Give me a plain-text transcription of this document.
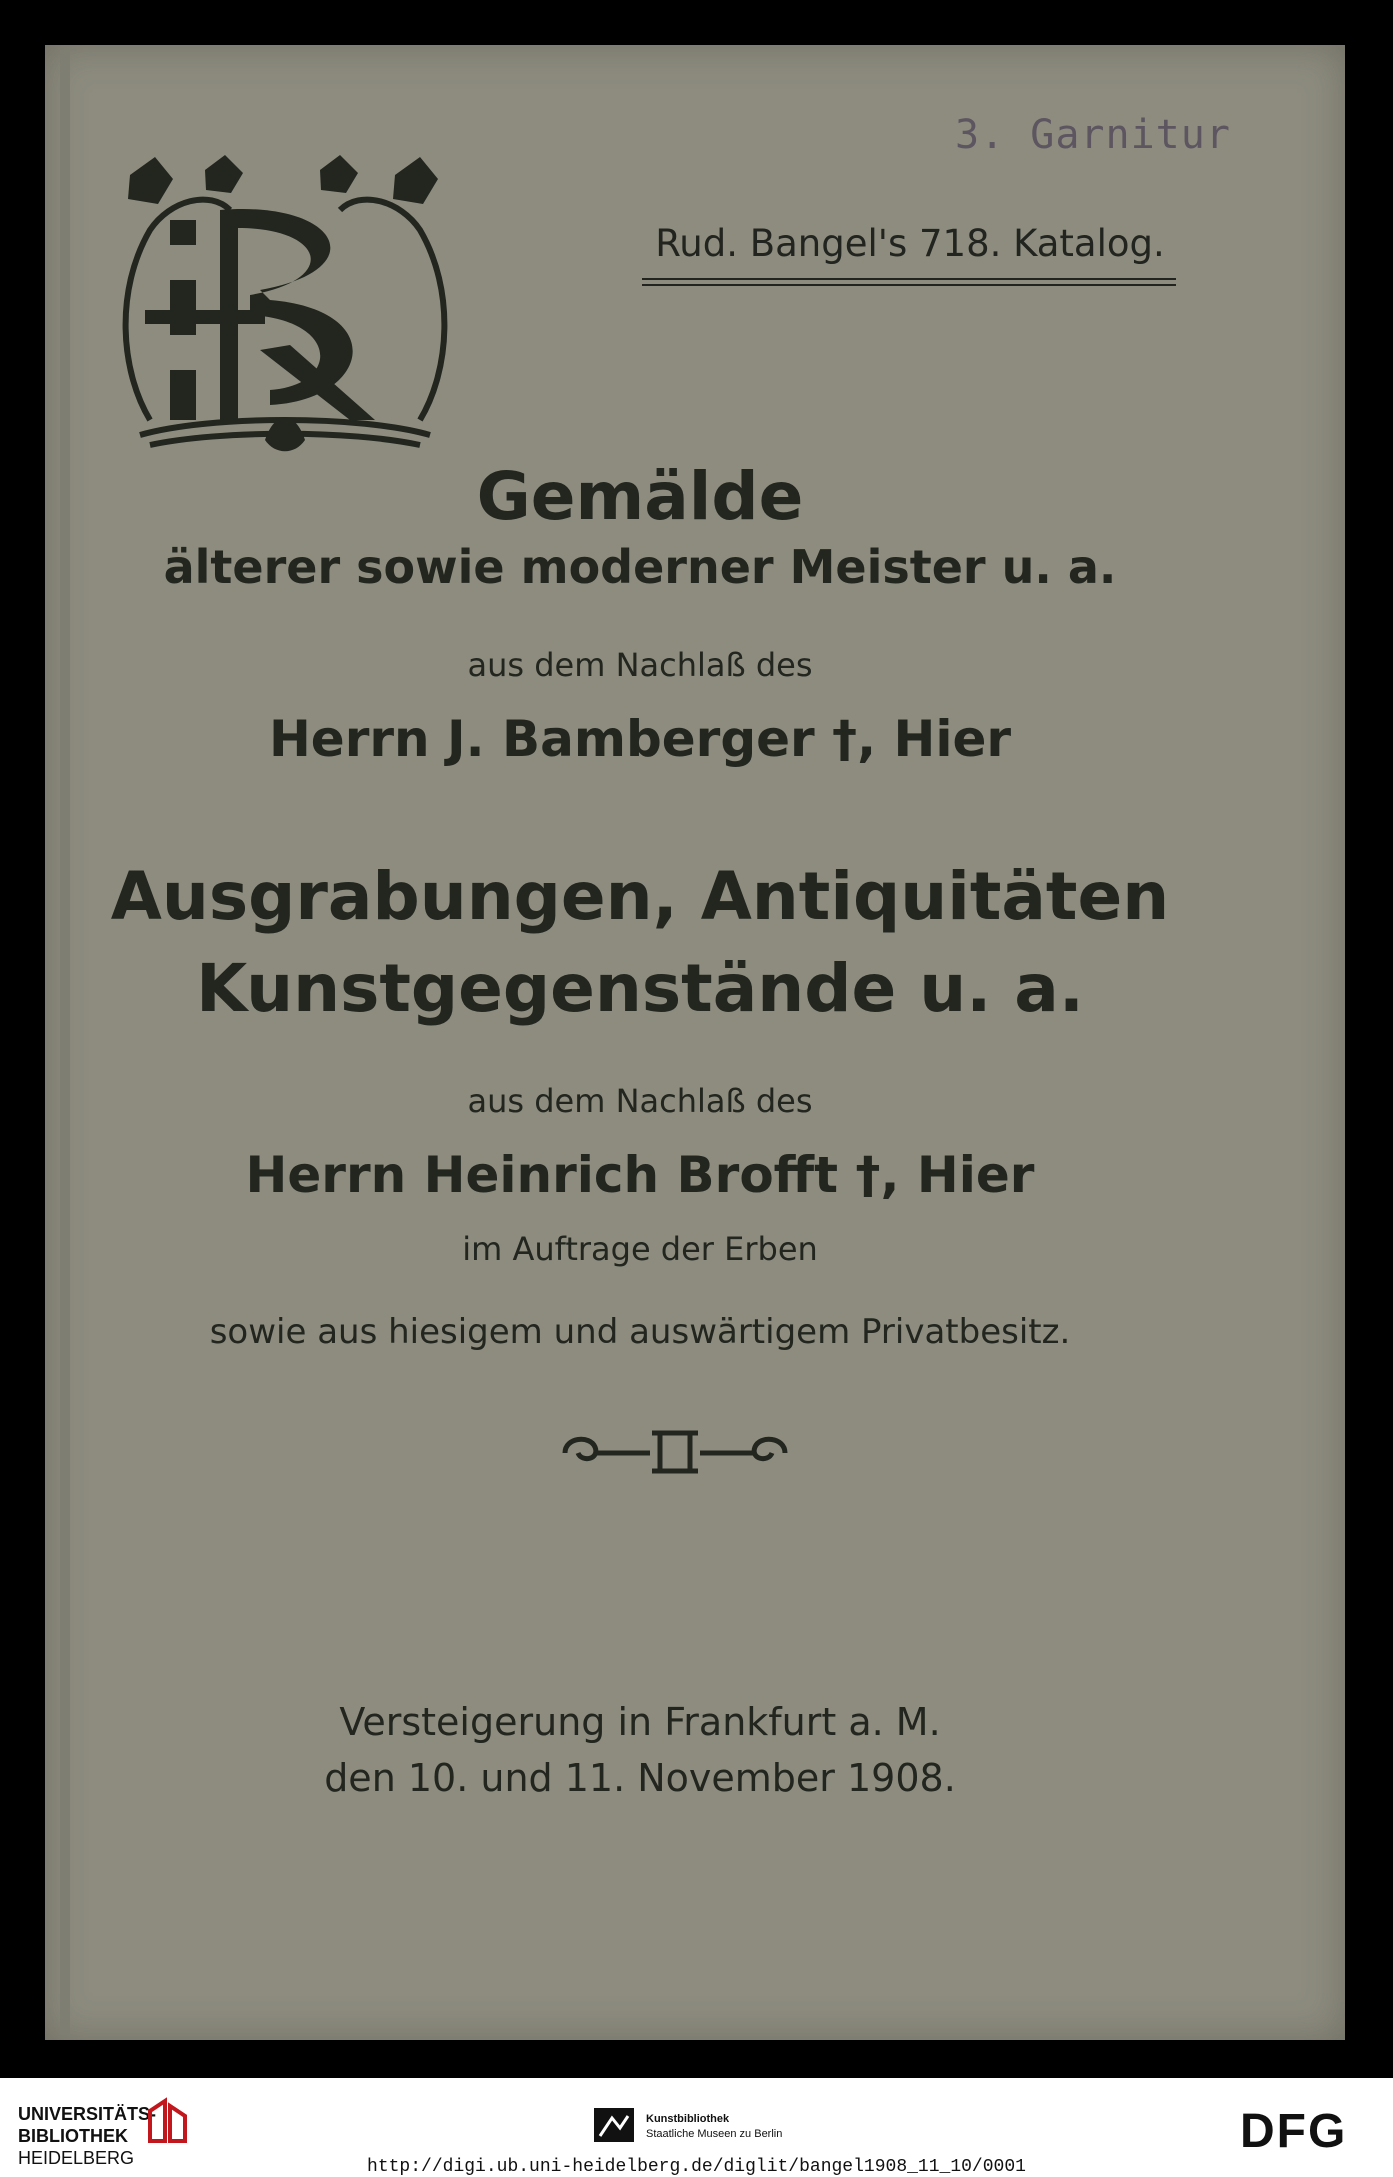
3. Garnitur
Rud. Bangel's 718. Katalog.
Gemälde
älterer sowie moderner Meister u. a.
aus dem Nachlaß des
Herrn J. Bamberger †, Hier
Ausgrabungen, Antiquitäten
Kunstgegenstände u. a.
aus dem Nachlaß des
Herrn Heinrich Brofft †, Hier
im Auftrage der Erben
sowie aus hiesigem und auswärtigem Privatbesitz.
Versteigerung in Frankfurt a. M.
den 10. und 11. November 1908.
UNIVERSITÄTS-
BIBLIOTHEK
HEIDELBERG
Kunstbibliothek
Staatliche Museen zu Berlin	DFG
http://digi.ub.uni-heidelberg.de/diglit/bangel1908_11_10/0001
